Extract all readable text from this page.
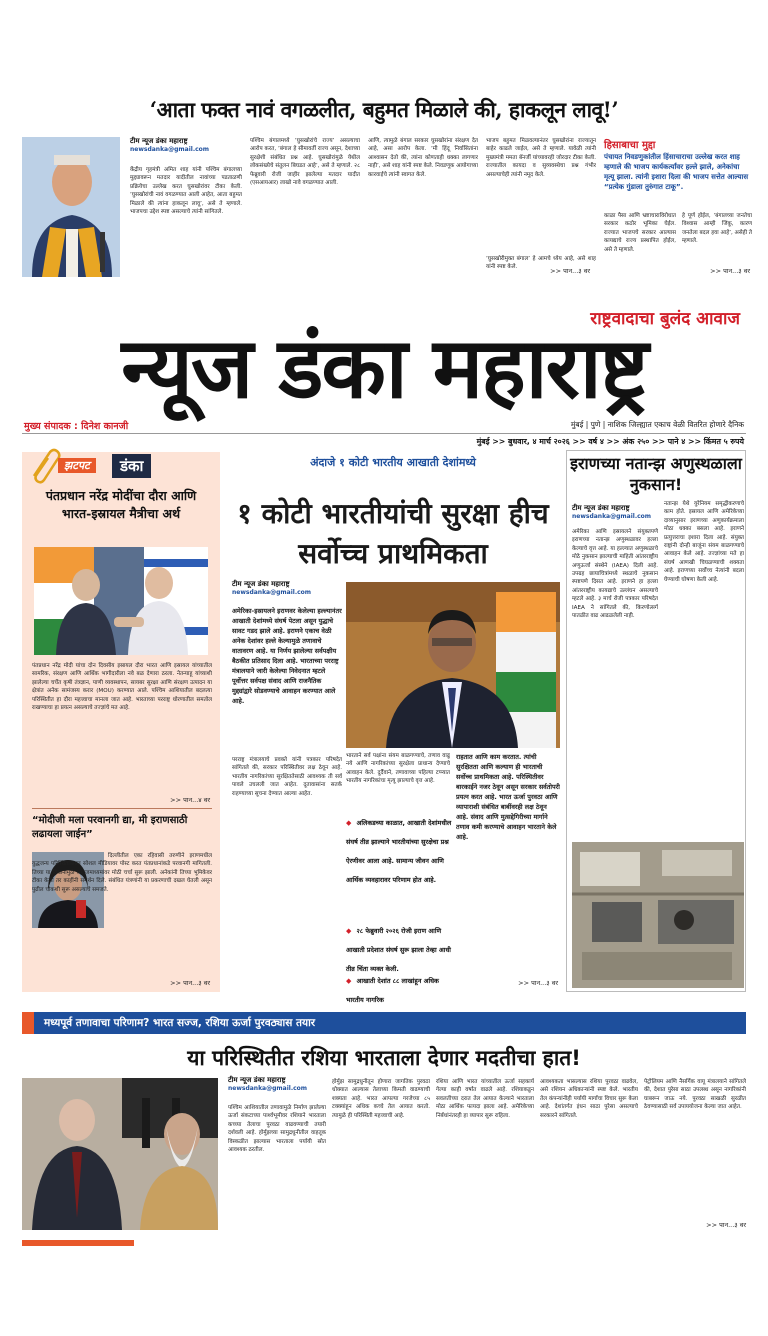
‘आता फक्त नावं वगळलीत, बहुमत मिळाले की, हाकलून लावू!’
टीम न्यूज डंका महाराष्ट्र
newsdanka@gmail.com
केंद्रीय गृहमंत्री अमित शाह यांनी पश्चिम बंगालच्या मुद्द्यावरून मतदार यादीतील नावांच्या पडताळणी प्रक्रियेचा उल्लेख करत घुसखोरांवर टीका केली. ‘घुसखोरांची नावं वगळण्यात आली आहेत, आता बहुमत मिळाले की त्यांना हाकलून लावू’, असे ते म्हणाले. भाजपचा उद्देश स्पष्ट असल्याचे त्यांनी सांगितले.
पश्चिम बंगालमध्ये ‘घुसखोरांचे राज्य’ असल्याचा आरोप करत, ‘बंगाल हे सीमावर्ती राज्य असून, देशाच्या सुरक्षेशी संबंधित प्रश्न आहे. घुसखोरांमुळे येथील लोकसंख्येचे संतुलन बिघडत आहे’, असे ते म्हणाले. २८ फेब्रुवारी रोजी जाहीर झालेल्या मतदार यादीत (एसआयआर) लाखो नावे वगळण्यात आली.
आणि, त्यामुळे बंगाल सरकार घुसखोरांना संरक्षण देत आहे, असा आरोप केला. ‘मी हिंदू निर्वासितांना आश्वासन देतो की, त्यांना कोणताही धक्का लागणार नाही’, असे शाह यांनी स्पष्ट केले. निवडणूक आयोगाच्या कारवाईचे त्यांनी स्वागत केले.
भाजप बहुमत मिळवल्यानंतर घुसखोरांना राज्यातून बाहेर काढले जाईल, असे ते म्हणाले. यावेळी त्यांनी मुख्यमंत्री ममता बॅनर्जी यांच्यावरही जोरदार टीका केली. राज्यातील कायदा व सुव्यवस्थेचा प्रश्न गंभीर असल्याचेही त्यांनी नमूद केले.
‘घुसखोरीमुक्त बंगाल’ हे आमचे ध्येय आहे, असे शाह यांनी स्पष्ट केले.
हिसाबाचा मुद्दा
पंचायत निवडणुकांतील हिंसाचाराचा उल्लेख करत शाह म्हणाले की भाजप कार्यकर्त्यांवर हल्ले झाले, अनेकांचा मृत्यू झाला. त्यांनी इशारा दिला की भाजप सत्तेत आल्यास “प्रत्येक गुंडाला तुरुंगात टाकू”.
काळा पैसा आणि भ्रष्टाचाराविरोधात सरकार कठोर भूमिका घेईल. राज्यात भाजपचे सरकार आल्यास कायद्याचे राज्य प्रस्थापित होईल, असे ते म्हणाले.
हे पूर्ण होईल, ‘बंगालच्या जनतेचा विश्वास आम्ही जिंकू, कारण जनतेला बदल हवा आहे’, असेही ते म्हणाले.
>> पान...३ वर
>> पान...३ वर
राष्ट्रवादाचा बुलंद आवाज
न्यूज डंका महाराष्ट्र
मुख्य संपादक : दिनेश कानजी	मुंबई | पुणे | नाशिक जिल्ह्यात एकाच वेळी वितरित होणारे दैनिक
मुंबई >> बुधवार, ४ मार्च २०२६ >> वर्ष ४ >> अंक २५० >> पाने ४ >> किंमत ५ रुपये
झटपट	डंका
पंतप्रधान नरेंद्र मोदींचा दौरा आणि भारत-इस्रायल मैत्रीचा अर्थ
पंतप्रधान नरेंद्र मोदी यांचा दोन दिवसीय इस्रायल दौरा भारत आणि इस्रायल यांच्यातील सामरिक, संरक्षण आणि आर्थिक भागीदारीला नवे बळ देणारा ठरला. नेतन्याहू यांच्याशी झालेल्या चर्चेत कृषी तंत्रज्ञान, पाणी व्यवस्थापन, सायबर सुरक्षा आणि संरक्षण उत्पादन या क्षेत्रांत अनेक सामंजस्य करार (MOU) करण्यात आले. पश्चिम आशियातील बदलत्या परिस्थितीत हा दौरा महत्त्वाचा मानला जात आहे. भारताच्या परराष्ट्र धोरणातील समतोल राखण्याचा हा प्रयत्न असल्याचे तज्ज्ञांचे मत आहे.
>> पान...४ वर
“मोदीजी मला परवानगी द्या, मी इराणसाठी लढायला जाईन”
दिल्लीतील एका रहिवासी तरुणीने इराणमधील युद्धजन्य परिस्थितीबाबत सोशल मीडियावर पोस्ट करत पंतप्रधानांकडे परवानगी मागितली. तिच्या या विधानामुळे समाजमाध्यमांवर मोठी चर्चा सुरू झाली. अनेकांनी तिच्या भूमिकेवर टीका केली तर काहींनी समर्थन दिले. संबंधित यंत्रणांनी या प्रकरणाची दखल घेतली असून पुढील चौकशी सुरू असल्याचे समजते.
>> पान...३ वर
अंदाजे १ कोटी भारतीय आखाती देशांमध्ये
१ कोटी भारतीयांची सुरक्षा हीच सर्वोच्च प्राथमिकता
टीम न्यूज डंका महाराष्ट्र
newsdanka@gmail.com
अमेरिका-इस्रायलने इराणवर केलेल्या हल्ल्यानंतर आखाती देशांमध्ये संघर्ष पेटला असून युद्धाचे सावट गडद झाले आहे. इराणने एकाच वेळी अनेक देशांवर हल्ले केल्यामुळे तणावाचे वातावरण आहे. या निर्णय झालेल्या सर्वपक्षीय बैठकीत प्रतिसाद दिला आहे. भारताच्या परराष्ट्र मंत्रालयाने जारी केलेल्या निवेदनात म्हटले पूर्वोत्तर सर्वपक्ष संवाद आणि राजनैतिक मुद्द्यांद्वारे सोडवण्याचे आवाहन करण्यात आले आहे.
परराष्ट्र मंत्रालयाचे प्रवक्ते यांनी पत्रकार परिषदेत सांगितले की, सरकार परिस्थितीवर लक्ष ठेवून आहे. भारतीय नागरिकांच्या सुरक्षिततेसाठी आवश्यक ती सर्व पावले उचलली जात आहेत. दूतावासांना सतर्क राहण्याच्या सूचना देण्यात आल्या आहेत.
भारताने सर्व पक्षांना संयम बाळगण्याचे, तणाव वाढू नये आणि नागरिकांच्या सुरक्षेला प्राधान्य देण्याचे आवाहन केले. दुर्दैवाने, तणावाच्या पहिल्या टप्प्यात भारतीय नागरिकांचा मृत्यू झाल्याचे वृत्त आहे.
◆ अलिकडच्या काळात, आखाती देशांमधील संघर्ष तीव्र झाल्याने भारतीयांच्या सुरक्षेचा प्रश्न ऐरणीवर आला आहे. सामान्य जीवन आणि आर्थिक व्यवहारावर परिणाम होत आहे.
◆ २८ फेब्रुवारी २०२६ रोजी इराण आणि आखाती प्रदेशात संघर्ष सुरू झाला तेव्हा आधी तीव्र चिंता व्यक्त केली.
◆ आखाती देशांत ८८ लाखांहून अधिक भारतीय नागरिक
राहतात आणि काम करतात. त्यांची सुरक्षितता आणि कल्याण ही भारताची सर्वोच्च प्राथमिकता आहे. परिस्थितीवर बारकाईने नजर ठेवून असून सरकार सर्वतोपरी प्रयत्न करत आहे. भारत ऊर्जा पुरवठा आणि व्यापाराशी संबंधित बाबींवरही लक्ष ठेवून आहे. संवाद आणि मुत्सद्देगिरीच्या मार्गाने तणाव कमी करण्याचे आवाहन भारताने केले आहे.
>> पान...३ वर
इराणच्या नतान्झ अणुस्थळाला नुकसान!
टीम न्यूज डंका महाराष्ट्र
newsdanka@gmail.com
अमेरिका आणि इस्रायलने संयुक्तपणे इराणच्या नतान्झ अणुस्थळावर हल्ला केल्याचे वृत्त आहे. या हल्ल्यात अणुस्थळाचे मोठे नुकसान झाल्याची माहिती आंतरराष्ट्रीय अणुऊर्जा संस्थेने (IAEA) दिली आहे. उपग्रह छायाचित्रांमध्ये स्थळाचे नुकसान स्पष्टपणे दिसत आहे. इराणने हा हल्ला आंतरराष्ट्रीय कायद्याचे उल्लंघन असल्याचे म्हटले आहे. ३ मार्च रोजी पत्रकार परिषदेत IAEA ने सांगितले की, किरणोत्सर्ग पातळीत वाढ आढळलेली नाही.
नतान्झ येथे युरेनियम समृद्धीकरणाचे काम होते. इस्रायल आणि अमेरिकेच्या दाव्यानुसार इराणच्या अणुकार्यक्रमाला मोठा धक्का बसला आहे. इराणने प्रत्युत्तराचा इशारा दिला आहे. संयुक्त राष्ट्रांनी दोन्ही बाजूंना संयम बाळगण्याचे आवाहन केले आहे. तज्ज्ञांच्या मते हा संघर्ष आणखी चिघळण्याची शक्यता आहे. इराणच्या सर्वोच्च नेत्यांनी बदला घेण्याची घोषणा केली आहे.
मध्यपूर्व तणावाचा परिणाम? भारत सज्ज, रशिया ऊर्जा पुरवठ्यास तयार
या परिस्थितीत रशिया भारताला देणार मदतीचा हात!
टीम न्यूज डंका महाराष्ट्र
newsdanka@gmail.com
पश्चिम आशियातील तणावामुळे निर्माण झालेल्या ऊर्जा संकटाच्या पार्श्वभूमीवर रशियाने भारताला कच्च्या तेलाचा पुरवठा वाढवण्याची तयारी दर्शवली आहे. होर्मुझच्या सामुद्रधुनीतील वाहतूक विस्कळीत झाल्यास भारताला पर्यायी स्रोत आवश्यक ठरतील.
होर्मुझ सामुद्रधुनीतून होणारा जागतिक पुरवठा धोक्यात आल्यास तेलाच्या किमती वाढण्याची शक्यता आहे. भारत आपल्या गरजेच्या ८५ टक्क्यांहून अधिक कच्चे तेल आयात करतो. त्यामुळे ही परिस्थिती महत्त्वाची आहे.
रशिया आणि भारत यांच्यातील ऊर्जा सहकार्य गेल्या काही वर्षांत वाढले आहे. रशियाकडून सवलतीच्या दरात तेल आयात केल्याने भारताला मोठा आर्थिक फायदा झाला आहे. अमेरिकेच्या निर्बंधांनंतरही हा व्यापार सुरू राहिला.
आवश्यकता भासल्यास रशिया पुरवठा वाढवेल, असे रशियन अधिकाऱ्यांनी स्पष्ट केले. भारतीय तेल कंपन्यांनीही पर्यायी मार्गांचा विचार सुरू केला आहे. देशांतर्गत इंधन साठा पुरेसा असल्याचे सरकारने सांगितले.
पेट्रोलियम आणि नैसर्गिक वायू मंत्रालयाने सांगितले की, देशात पुरेसा साठा उपलब्ध असून नागरिकांनी घाबरून जाऊ नये. पुरवठा साखळी सुरळीत ठेवण्यासाठी सर्व उपाययोजना केल्या जात आहेत.
>> पान...३ वर
